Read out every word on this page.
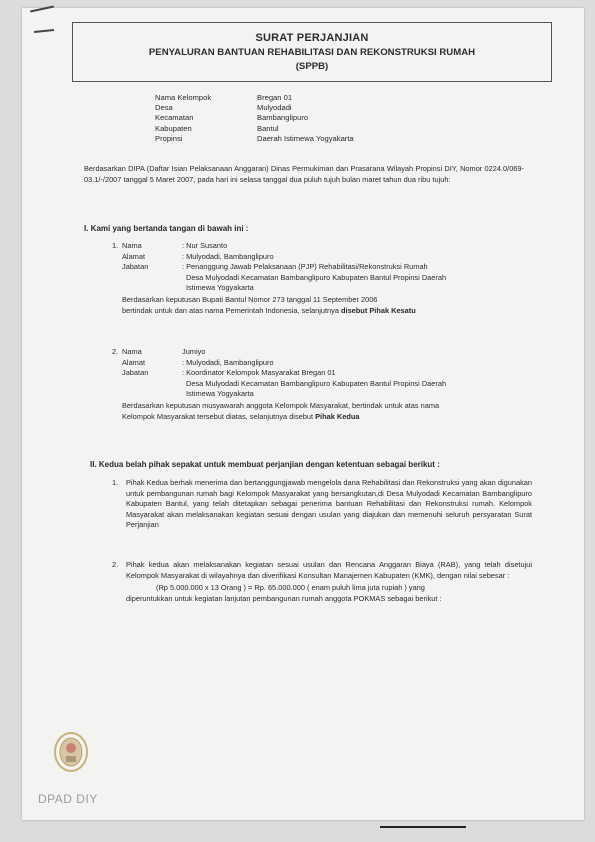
SURAT PERJANJIAN
PENYALURAN BANTUAN REHABILITASI DAN REKONSTRUKSI RUMAH
(SPPB)
Nama Kelompok	Bregan 01
Desa	Mulyodadi
Kecamatan	Bambanglipuro
Kabupaten	Bantul
Propinsi	Daerah Istimewa Yogyakarta
Berdasarkan DIPA (Daftar Isian Pelaksanaan Anggaran) Dinas Permukiman dan Prasarana Wilayah Propinsi DIY, Nomor 0224.0/069-03.1/-/2007 tanggal 5 Maret 2007, pada hari ini selasa tanggal dua puluh tujuh bulan maret tahun dua ribu tujuh:
I. Kami yang bertanda tangan di bawah ini :
1. Nama	: Nur Susanto
Alamat	: Mulyodadi, Bambanglipuro
Jabatan	: Penanggung Jawab Pelaksanaan (PJP) Rehabilitasi/Rekonstruksi Rumah
Desa Mulyodadi Kecamatan Bambanglipuro Kabupaten Bantul Propinsi Daerah
Istimewa Yogyakarta
Berdasarkan keputusan Bupati Bantul Nomor 273 tanggal 11 September 2006
bertindak untuk dan atas nama Pemerintah Indonesia, selanjutnya disebut Pihak Kesatu
2. Nama	Jumiyo
Alamat	: Mulyodadi, Bambanglipuro
Jabatan	: Koordinator Kelompok Masyarakat Bregan 01
Desa Mulyodadi Kecamatan Bambanglipuro Kabupaten Bantul Propinsi Daerah
Istimewa Yogyakarta
Berdasarkan keputusan musyawarah anggota Kelompok Masyarakat, bertindak untuk atas nama
Kelompok Masyarakat tersebut diatas, selanjutnya disebut Pihak Kedua
II. Kedua belah pihak sepakat untuk membuat perjanjian dengan ketentuan sebagai berikut :
1.	Pihak Kedua berhak menerima dan bertanggungjawab mengelola dana Rehabilitasi dan Rekonstruksi yang akan digunakan untuk pembangunan rumah bagi Kelompok Masyarakat yang bersangkutan,di Desa Mulyodadi Kecamatan Bambanglipuro Kabupaten Bantul, yang telah ditetapkan sebagai penerima bantuan Rehabilitasi dan Rekonstruksi rumah. Kelompok Masyarakat akan melaksanakan kegiatan sesuai dengan usulan yang diajukan dan memenuhi seluruh persyaratan Surat Perjanjian
2.	Pihak kedua akan melaksanakan kegiatan sesuai usulan dan Rencana Anggaran Biaya (RAB), yang telah disetujui Kelompok Masyarakat di wilayahnya dan diverifikasi Konsultan Manajemen Kabupaten (KMK), dengan nilai sebesar :
(Rp 5.000.000 x 13 Orang ) = Rp. 65.000.000 ( enam puluh lima juta rupiah ) yang
diperuntukkan untuk kegiatan lanjutan pembangunan rumah anggota POKMAS sebagai berikut :
DPAD DIY
